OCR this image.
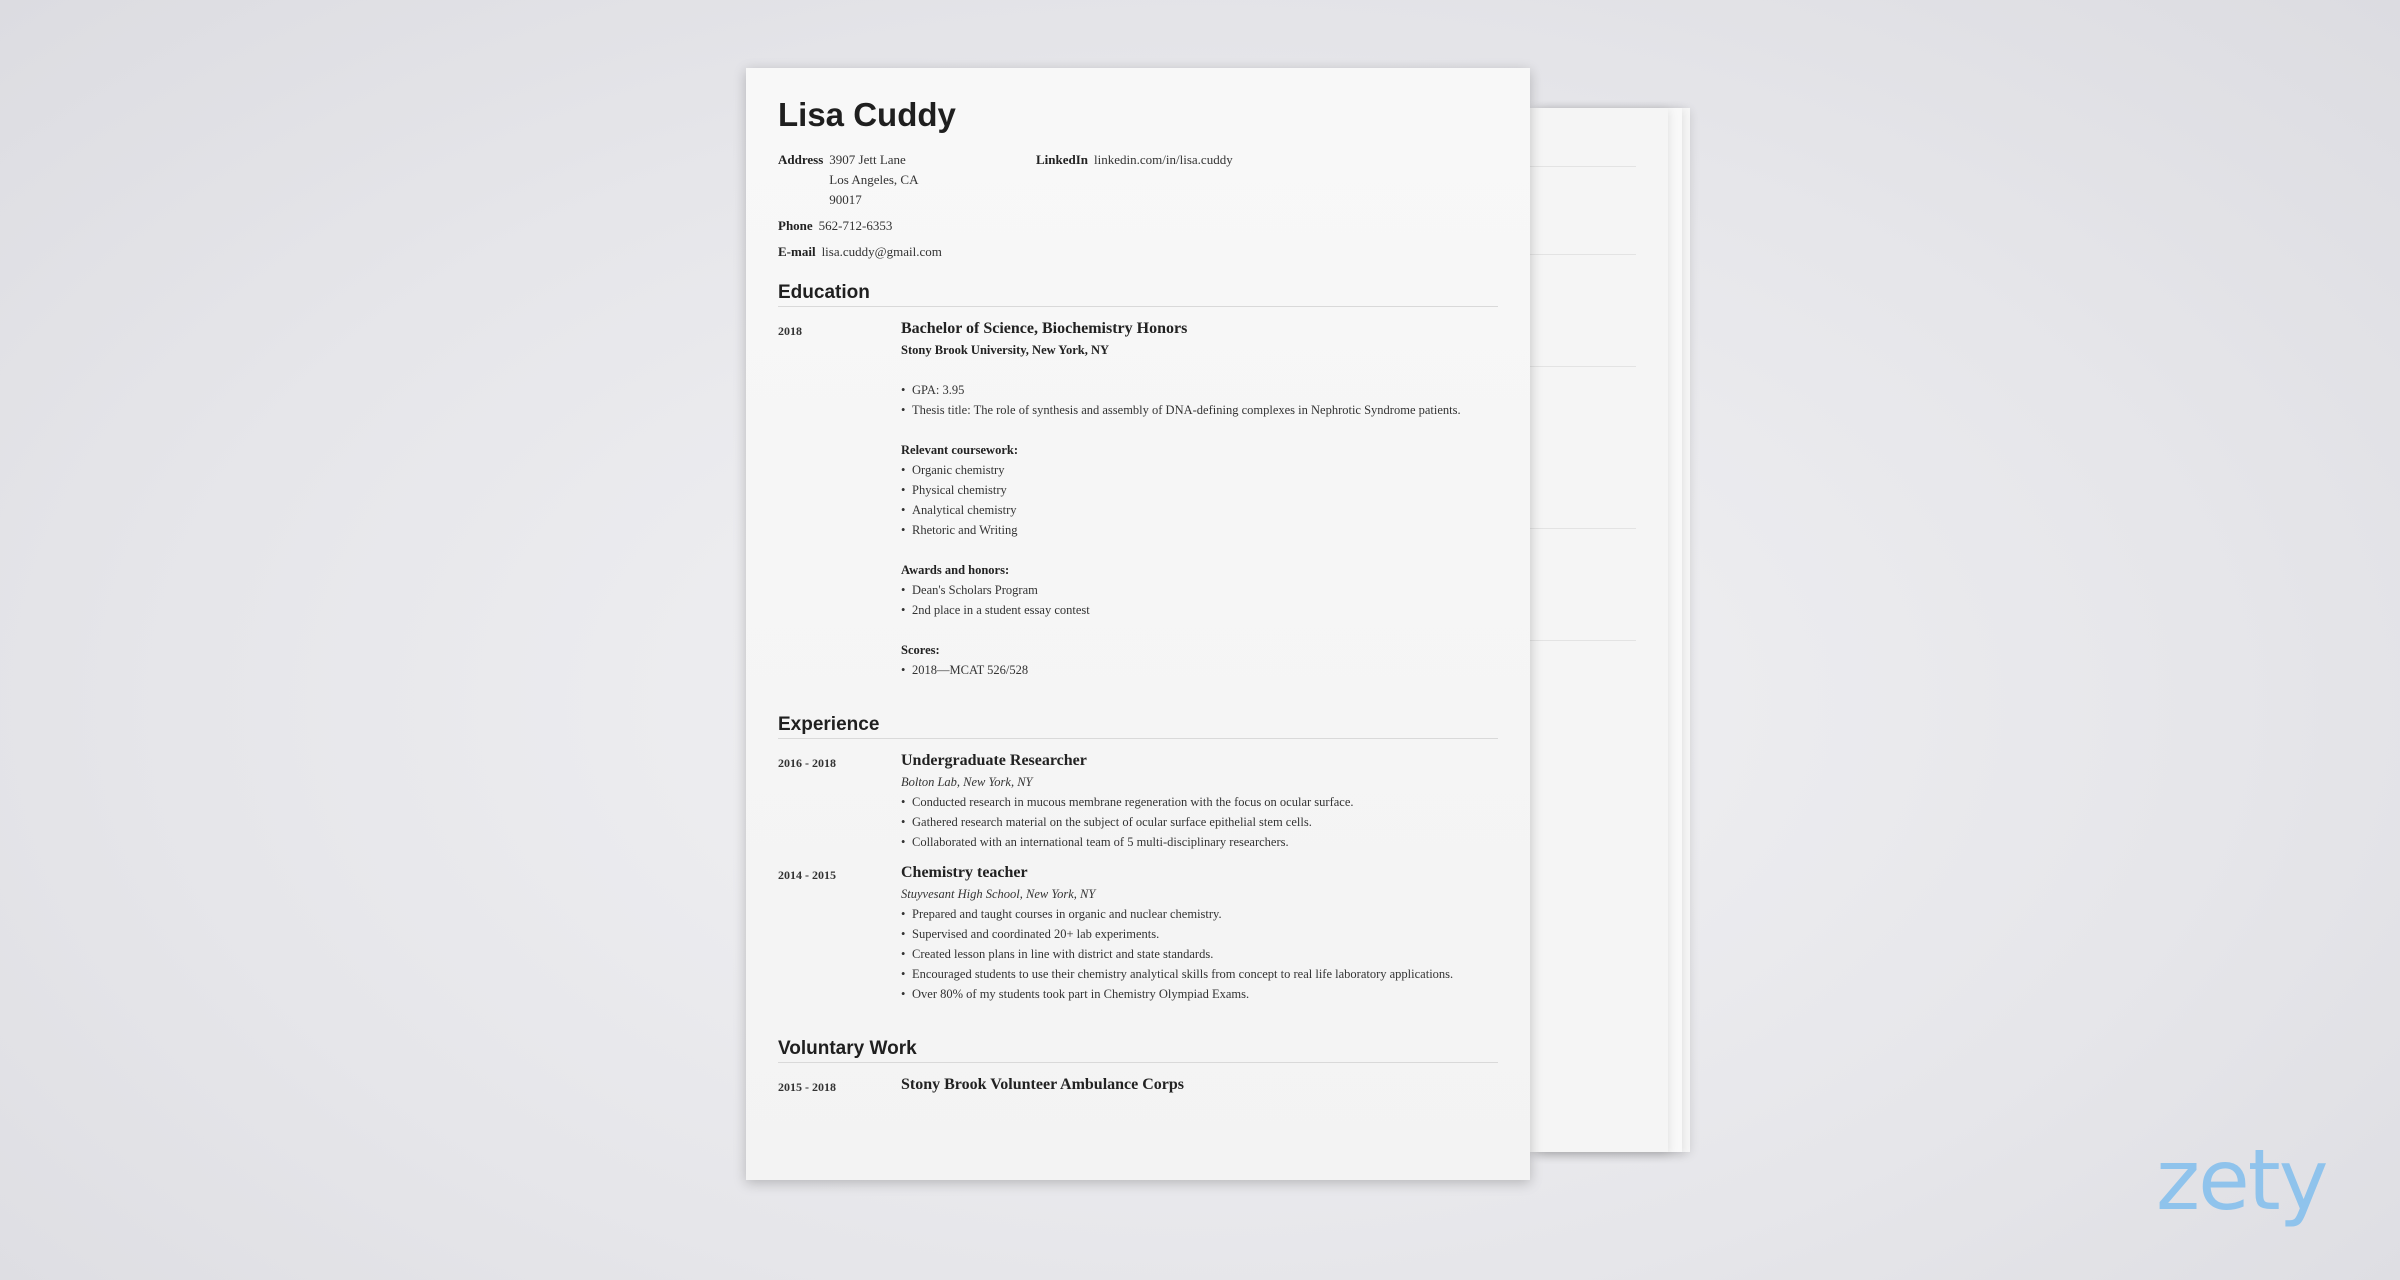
Lisa Cuddy
Address 3907 Jett Lane
Los Angeles, CA
90017
LinkedIn linkedin.com/in/lisa.cuddy
Phone 562-712-6353
E-mail lisa.cuddy@gmail.com
Education
2018	Bachelor of Science, Biochemistry Honors
Stony Brook University, New York, NY
• GPA: 3.95
• Thesis title: The role of synthesis and assembly of DNA-defining complexes in Nephrotic Syndrome patients.
Relevant coursework:
• Organic chemistry
• Physical chemistry
• Analytical chemistry
• Rhetoric and Writing
Awards and honors:
• Dean's Scholars Program
• 2nd place in a student essay contest
Scores:
• 2018—MCAT 526/528
Experience
2016 - 2018	Undergraduate Researcher
Bolton Lab, New York, NY
• Conducted research in mucous membrane regeneration with the focus on ocular surface.
• Gathered research material on the subject of ocular surface epithelial stem cells.
• Collaborated with an international team of 5 multi-disciplinary researchers.
2014 - 2015	Chemistry teacher
Stuyvesant High School, New York, NY
• Prepared and taught courses in organic and nuclear chemistry.
• Supervised and coordinated 20+ lab experiments.
• Created lesson plans in line with district and state standards.
• Encouraged students to use their chemistry analytical skills from concept to real life laboratory applications.
• Over 80% of my students took part in Chemistry Olympiad Exams.
Voluntary Work
2015 - 2018	Stony Brook Volunteer Ambulance Corps
zety
